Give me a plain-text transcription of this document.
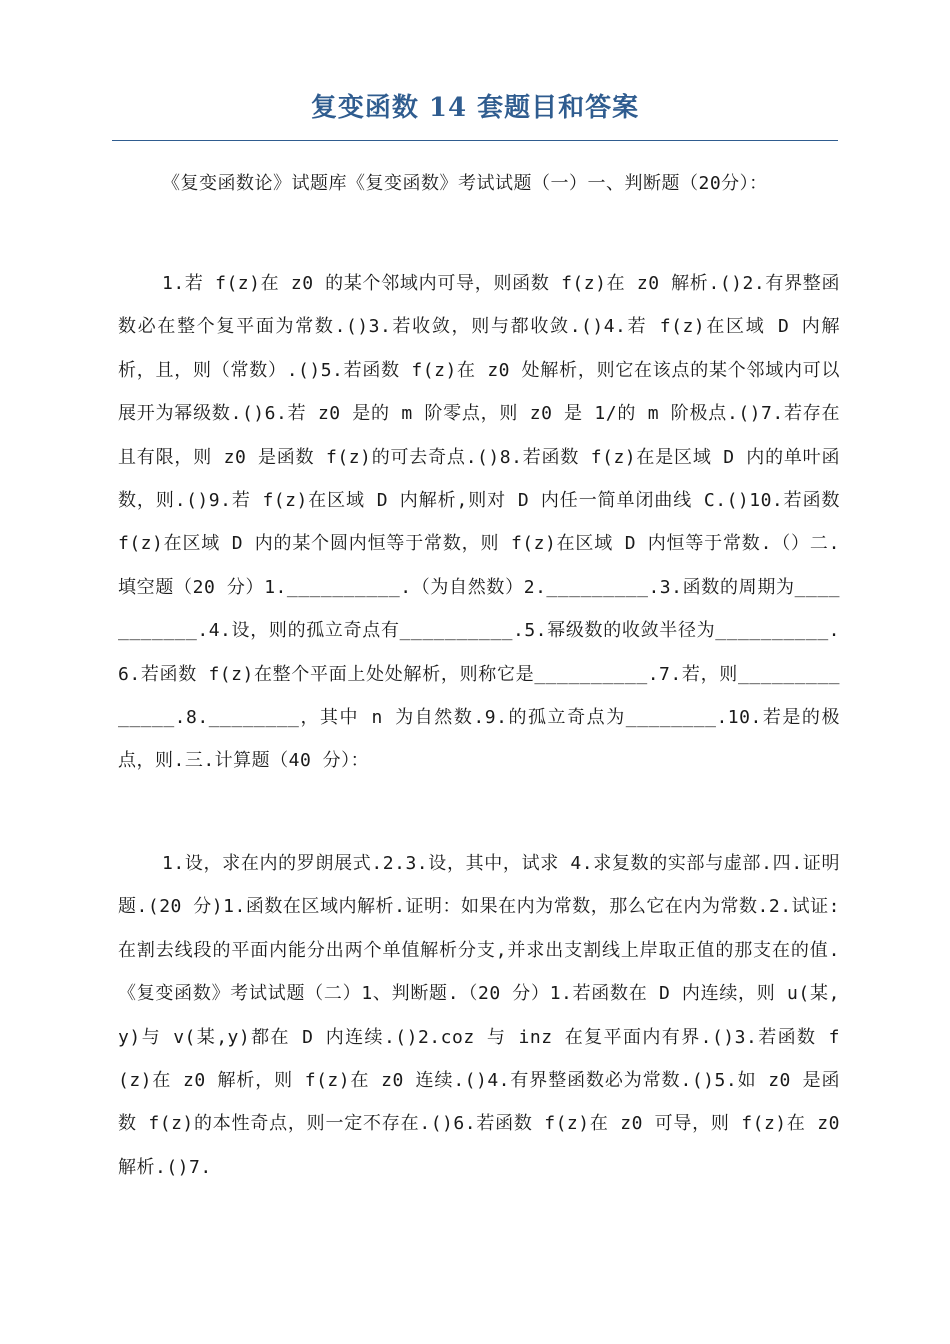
复变函数 14 套题目和答案

《复变函数论》试题库《复变函数》考试试题（一）一、判断题（20分）：

1.若 f(z)在 z0 的某个邻域内可导，则函数 f(z)在 z0 解析.()2.有界整函数必在整个复平面为常数.()3.若收敛，则与都收敛.()4.若 f(z)在区域 D 内解析，且，则（常数）.()5.若函数 f(z)在 z0 处解析，则它在该点的某个邻域内可以展开为幂级数.()6.若 z0 是的 m 阶零点，则 z0 是 1/的 m 阶极点.()7.若存在且有限，则 z0 是函数 f(z)的可去奇点.()8.若函数 f(z)在是区域 D 内的单叶函数，则.()9.若 f(z)在区域 D 内解析,则对 D 内任一简单闭曲线 C.()10.若函数 f(z)在区域 D 内的某个圆内恒等于常数，则 f(z)在区域 D 内恒等于常数.（）二.填空题（20 分）1.__________.（为自然数）2._________.3.函数的周期为___________.4.设，则的孤立奇点有__________.5.幂级数的收敛半径为__________.6.若函数 f(z)在整个平面上处处解析，则称它是__________.7.若，则______________.8.________，其中 n 为自然数.9.的孤立奇点为________.10.若是的极点，则.三.计算题（40 分）：

1.设，求在内的罗朗展式.2.3.设，其中，试求 4.求复数的实部与虚部.四.证明题.(20 分)1.函数在区域内解析.证明：如果在内为常数，那么它在内为常数.2.试证:在割去线段的平面内能分出两个单值解析分支,并求出支割线上岸取正值的那支在的值.《复变函数》考试试题（二）1、判断题.（20 分）1.若函数在 D 内连续，则 u(某,y)与 v(某,y)都在 D 内连续.()2.coz 与 inz 在复平面内有界.()3.若函数 f(z)在 z0 解析，则 f(z)在 z0 连续.()4.有界整函数必为常数.()5.如 z0 是函数 f(z)的本性奇点，则一定不存在.()6.若函数 f(z)在 z0 可导，则 f(z)在 z0 解析.()7.
